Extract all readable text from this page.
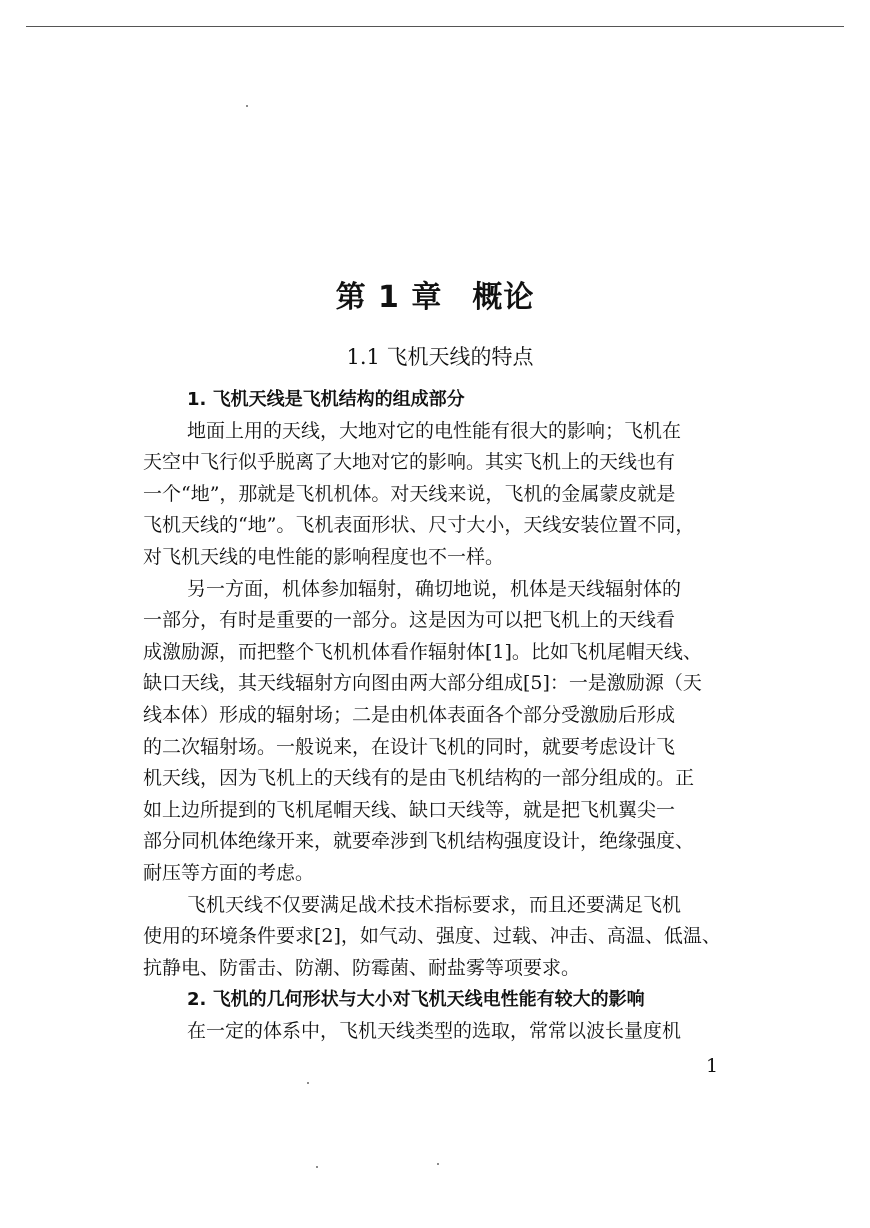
第 1 章 概论
1.1 飞机天线的特点
1. 飞机天线是飞机结构的组成部分
地面上用的天线，大地对它的电性能有很大的影响；飞机在
天空中飞行似乎脱离了大地对它的影响。其实飞机上的天线也有
一个“地”，那就是飞机机体。对天线来说，飞机的金属蒙皮就是
飞机天线的“地”。飞机表面形状、尺寸大小，天线安装位置不同，
对飞机天线的电性能的影响程度也不一样。
另一方面，机体参加辐射，确切地说，机体是天线辐射体的
一部分，有时是重要的一部分。这是因为可以把飞机上的天线看
成激励源，而把整个飞机机体看作辐射体[1]。比如飞机尾帽天线、
缺口天线，其天线辐射方向图由两大部分组成[5]：一是激励源（天
线本体）形成的辐射场；二是由机体表面各个部分受激励后形成
的二次辐射场。一般说来，在设计飞机的同时，就要考虑设计飞
机天线，因为飞机上的天线有的是由飞机结构的一部分组成的。正
如上边所提到的飞机尾帽天线、缺口天线等，就是把飞机翼尖一
部分同机体绝缘开来，就要牵涉到飞机结构强度设计，绝缘强度、
耐压等方面的考虑。
飞机天线不仅要满足战术技术指标要求，而且还要满足飞机
使用的环境条件要求[2]，如气动、强度、过载、冲击、高温、低温、
抗静电、防雷击、防潮、防霉菌、耐盐雾等项要求。
2. 飞机的几何形状与大小对飞机天线电性能有较大的影响
在一定的体系中，飞机天线类型的选取，常常以波长量度机
1
